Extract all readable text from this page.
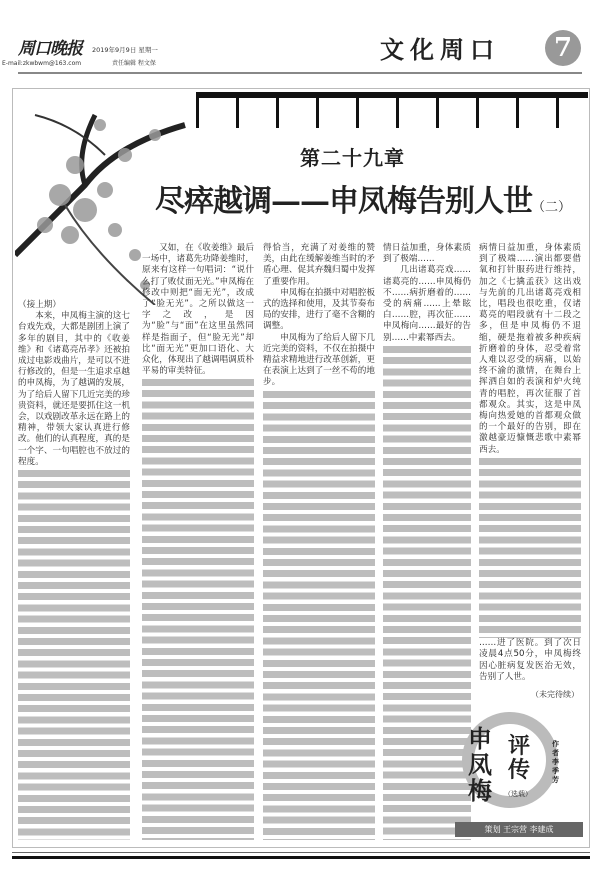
周口晚报 2019年9月9日 星期一
E-mail:zkwbwm@163.com	责任编辑 程文保	文化周口	7
第二十九章
尽瘁越调——申凤梅告别人世（二）

（接上期）

本来，申凤梅主演的这七台戏先戏，大都是剧团上演了多年的剧目，其中的《收姜维》和《诸葛亮吊孝》还被拍成过电影戏曲片，是可以不进行修改的，但是一生追求卓越的申凤梅，为了越调的发展，为了给后人留下几近完美的珍贵资料，就还是要抓住这一机会，以戏剧改革永远在路上的精神，带领大家认真进行修改。他们的认真程度，真的是一个字、一句唱腔也不放过的程度。

又如，在《收姜维》最后一场中，诸葛先功降姜维时，原来有这样一句唱词：“说什么打了败仗面无光。”申凤梅在修改中则把“面无光”，改成了“脸无光”。之所以做这一字之改，是因为“脸”与“面”在这里虽然同样是指面子，但“脸无光”却比“面无光”更加口语化、大众化，体现出了越调唱调质朴平易的审美特征。

得恰当，充满了对姜维的赞美，由此在缓解姜维当时的矛盾心理、促其弃魏归蜀中发挥了重要作用。

申凤梅在拍摄中对唱腔板式的选择和使用，及其节奏布局的安排，进行了毫不含糊的调整。

申凤梅为了给后人留下几近完美的资料，不仅在拍摄中精益求精地进行改革创新，更在表演上达到了一丝不苟的地步。

情日益加重，身体素质到了极端……

几出诸葛亮戏……诸葛亮的……申凤梅仍不……病折磨着的……受的病痛……上晕眩白……腔，再次征……申凤梅向……最好的告别……中素幂西去。

病情日益加重，身体素质到了极端……演出都要借氧和打针服药进行维持，加之《七擒孟获》这出戏与先前的几出诸葛亮戏相比，唱段也很吃重，仅诸葛亮的唱段就有十二段之多，但是申凤梅仍不退缩，硬是拖着被多种疾病折磨着的身体，忍受着常人难以忍受的病痛，以始终不渝的激情，在舞台上挥洒自如的表演和炉火纯青的唱腔，再次征服了首都观众。其实，这是申凤梅向热爱她的首都观众做的一个最好的告别，即在激越豪迈慷慨悲歌中素幂西去。

……进了医院。到了次日凌晨4点50分，申凤梅终因心脏病复发医治无效，告别了人世。

（未完待续）
申凤梅
评传
（选载）
作者 李季芳
策划 王宗营 李建成
